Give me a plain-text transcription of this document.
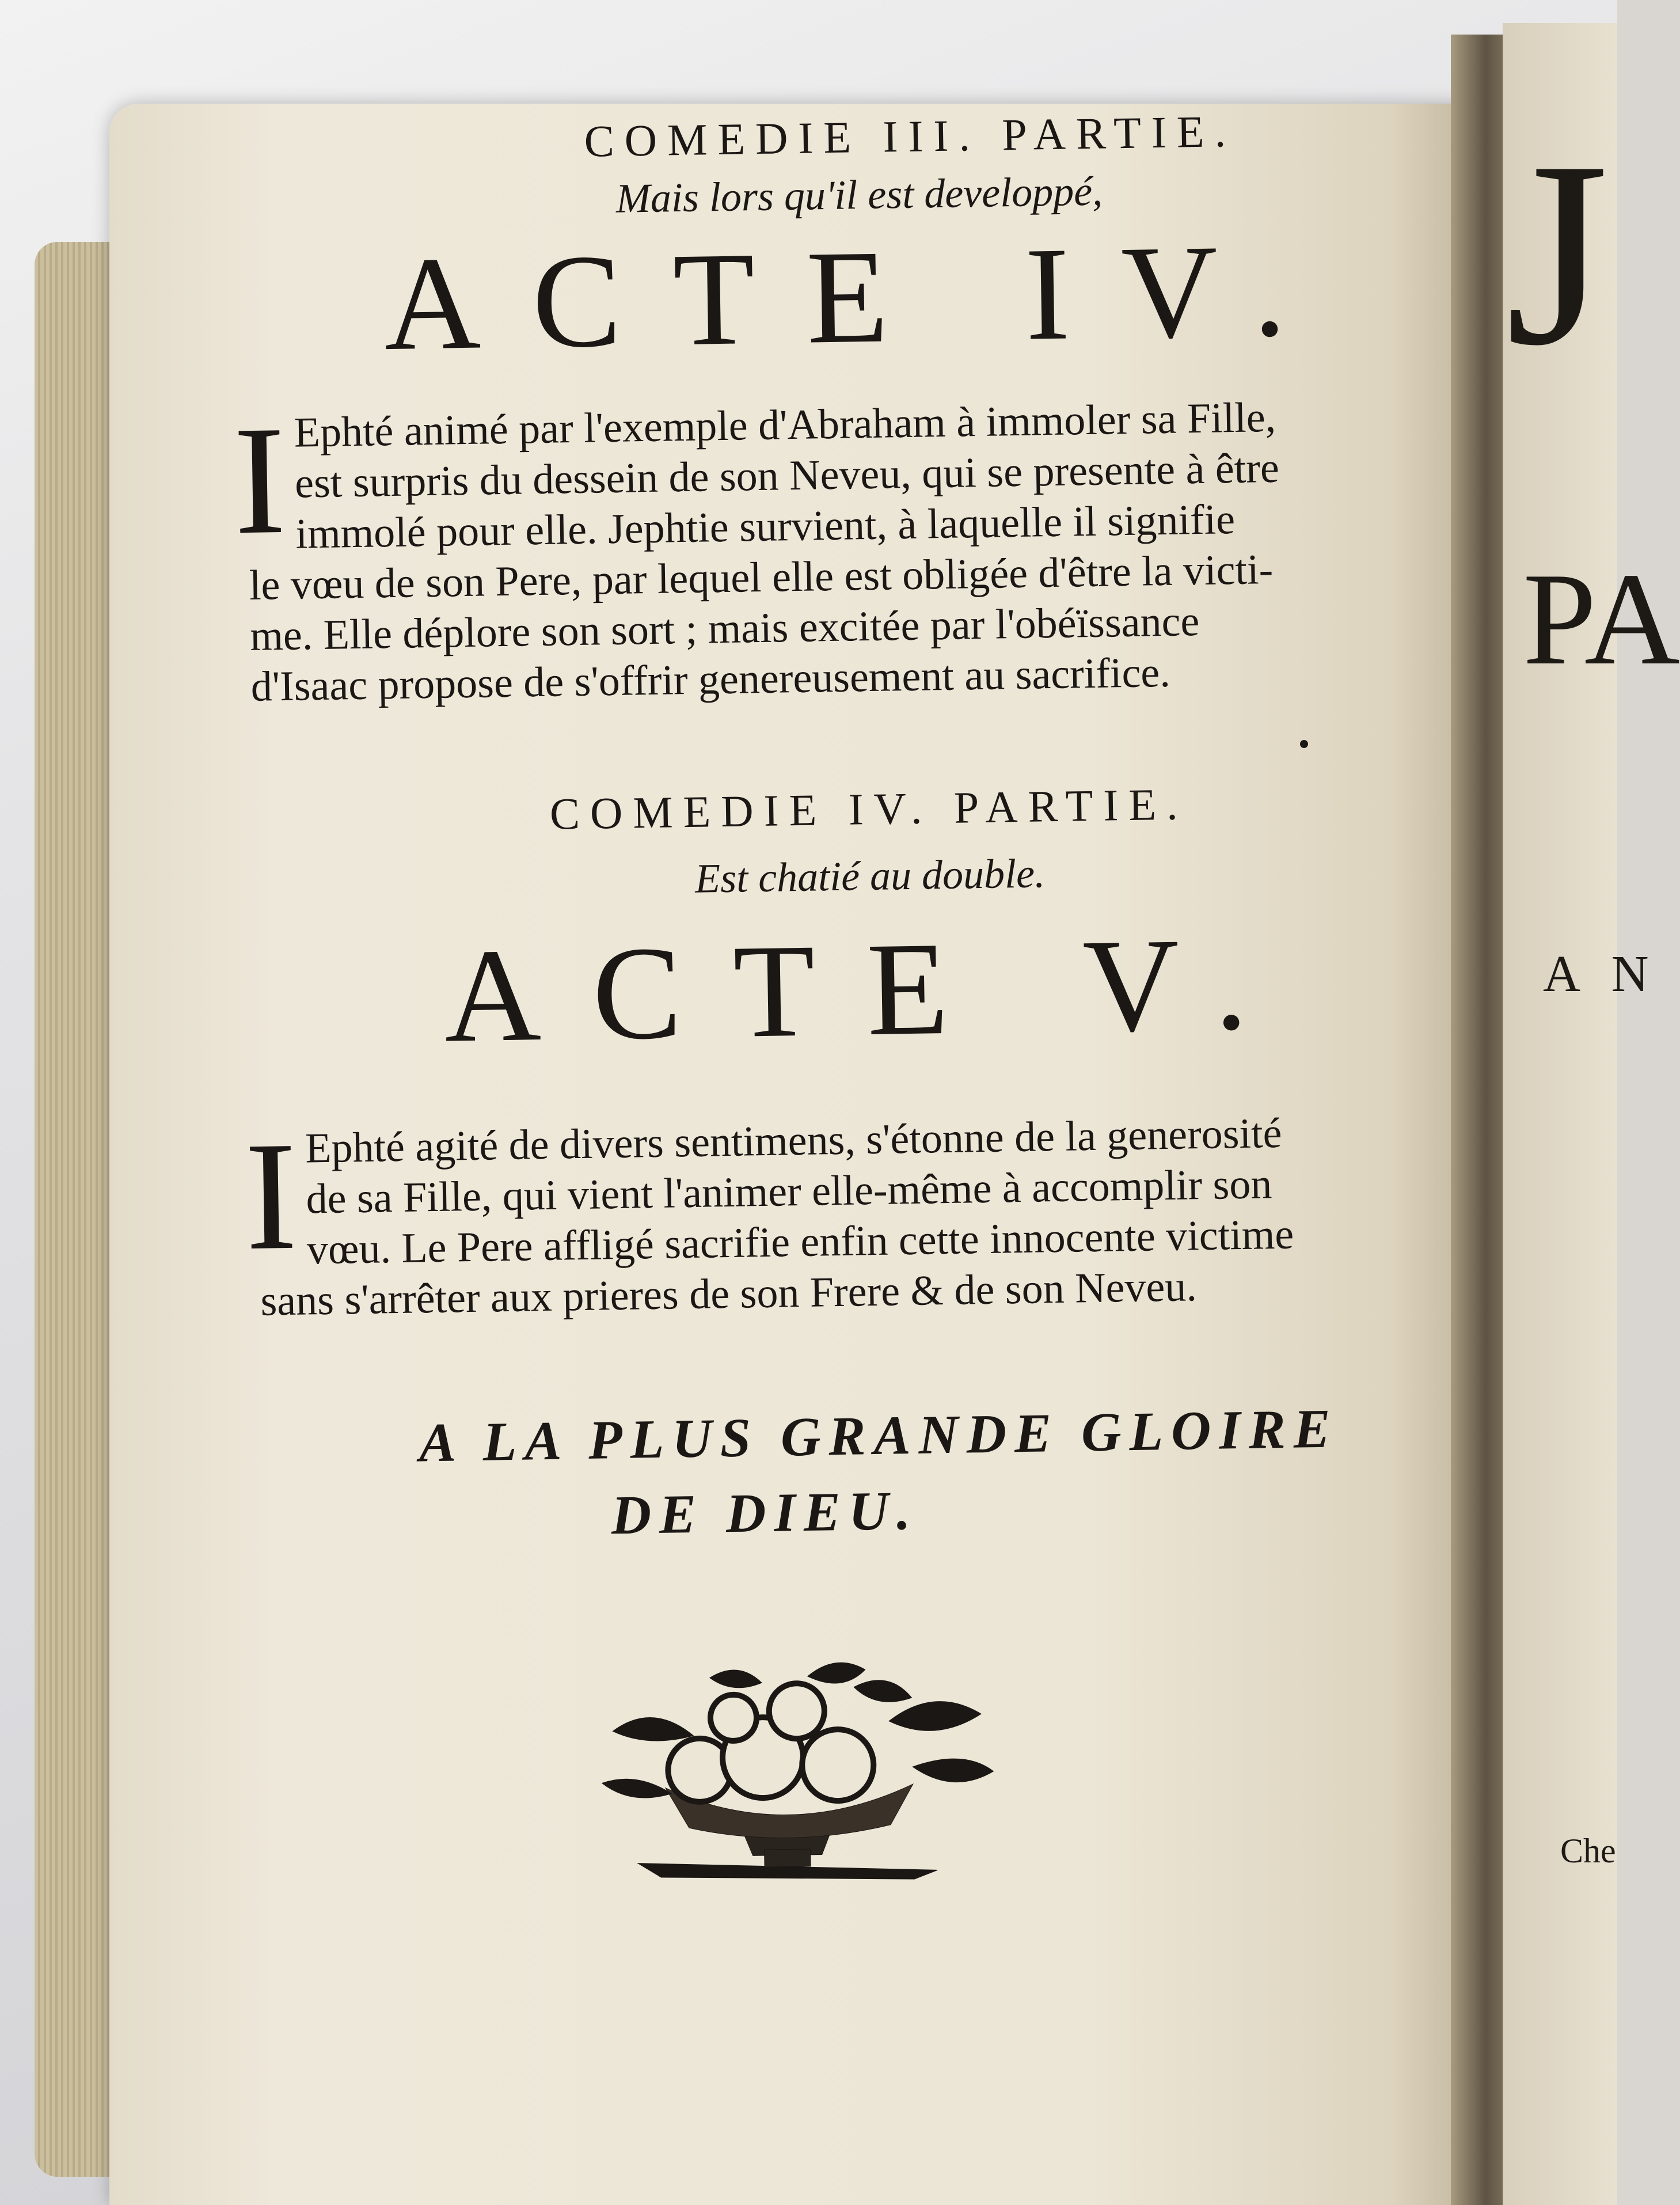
J
PA
A N
Che
COMEDIE III. PARTIE.
Mais lors qu'il est developpé,
ACTE IV.
I Ephté animé par l'exemple d'Abraham à immoler sa Fille,
est surpris du dessein de son Neveu, qui se presente à être
immolé pour elle. Jephtie survient, à laquelle il signifie
le vœu de son Pere, par lequel elle est obligée d'être la victi-
me. Elle déplore son sort ; mais excitée par l'obéïssance
d'Isaac propose de s'offrir genereusement au sacrifice.
COMEDIE IV. PARTIE.
Est chatié au double.
ACTE V.
I Ephté agité de divers sentimens, s'étonne de la generosité
de sa Fille, qui vient l'animer elle-même à accomplir son
vœu. Le Pere affligé sacrifie enfin cette innocente victime
sans s'arrêter aux prieres de son Frere & de son Neveu.
A LA PLUS GRANDE GLOIRE
DE DIEU.
